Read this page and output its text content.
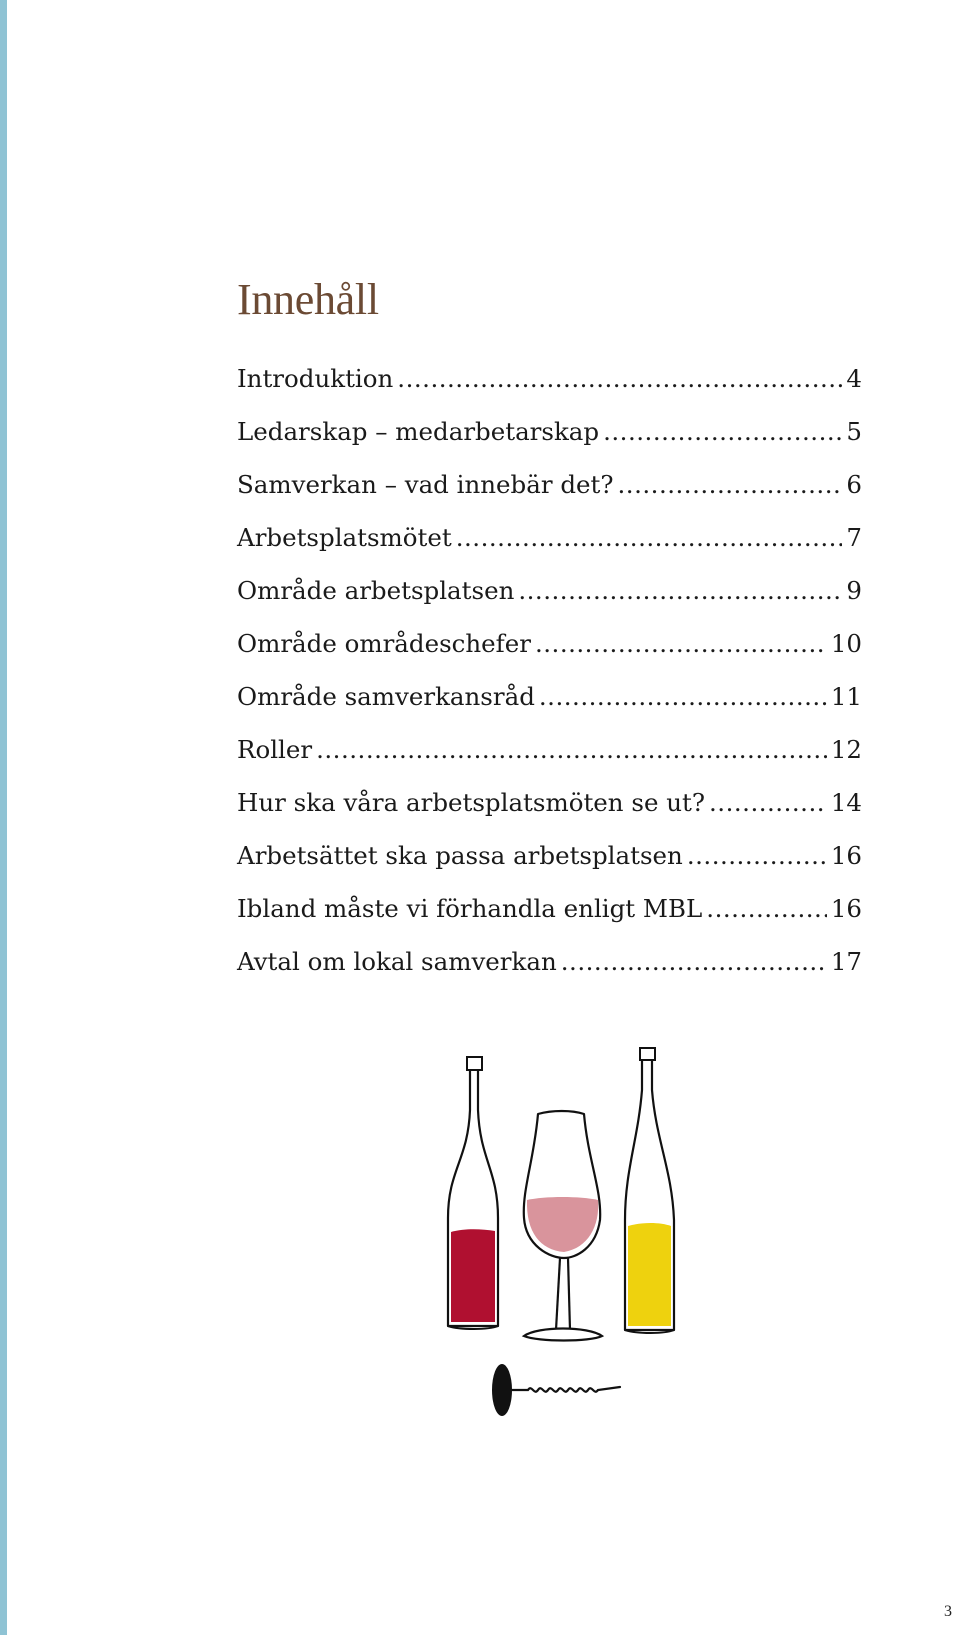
Innehåll
Introduktion .....	4
Ledarskap – medarbetarskap .....	5
Samverkan – vad innebär det? .....	6
Arbetsplatsmötet .....	7
Område arbetsplatsen .....	9
Område områdeschefer .....	10
Område samverkansråd .....	11
Roller .....	12
Hur ska våra arbetsplatsmöten se ut? .....	14
Arbetsättet ska passa arbetsplatsen .....	16
Ibland måste vi förhandla enligt MBL .....	16
Avtal om lokal samverkan .....	17
3
